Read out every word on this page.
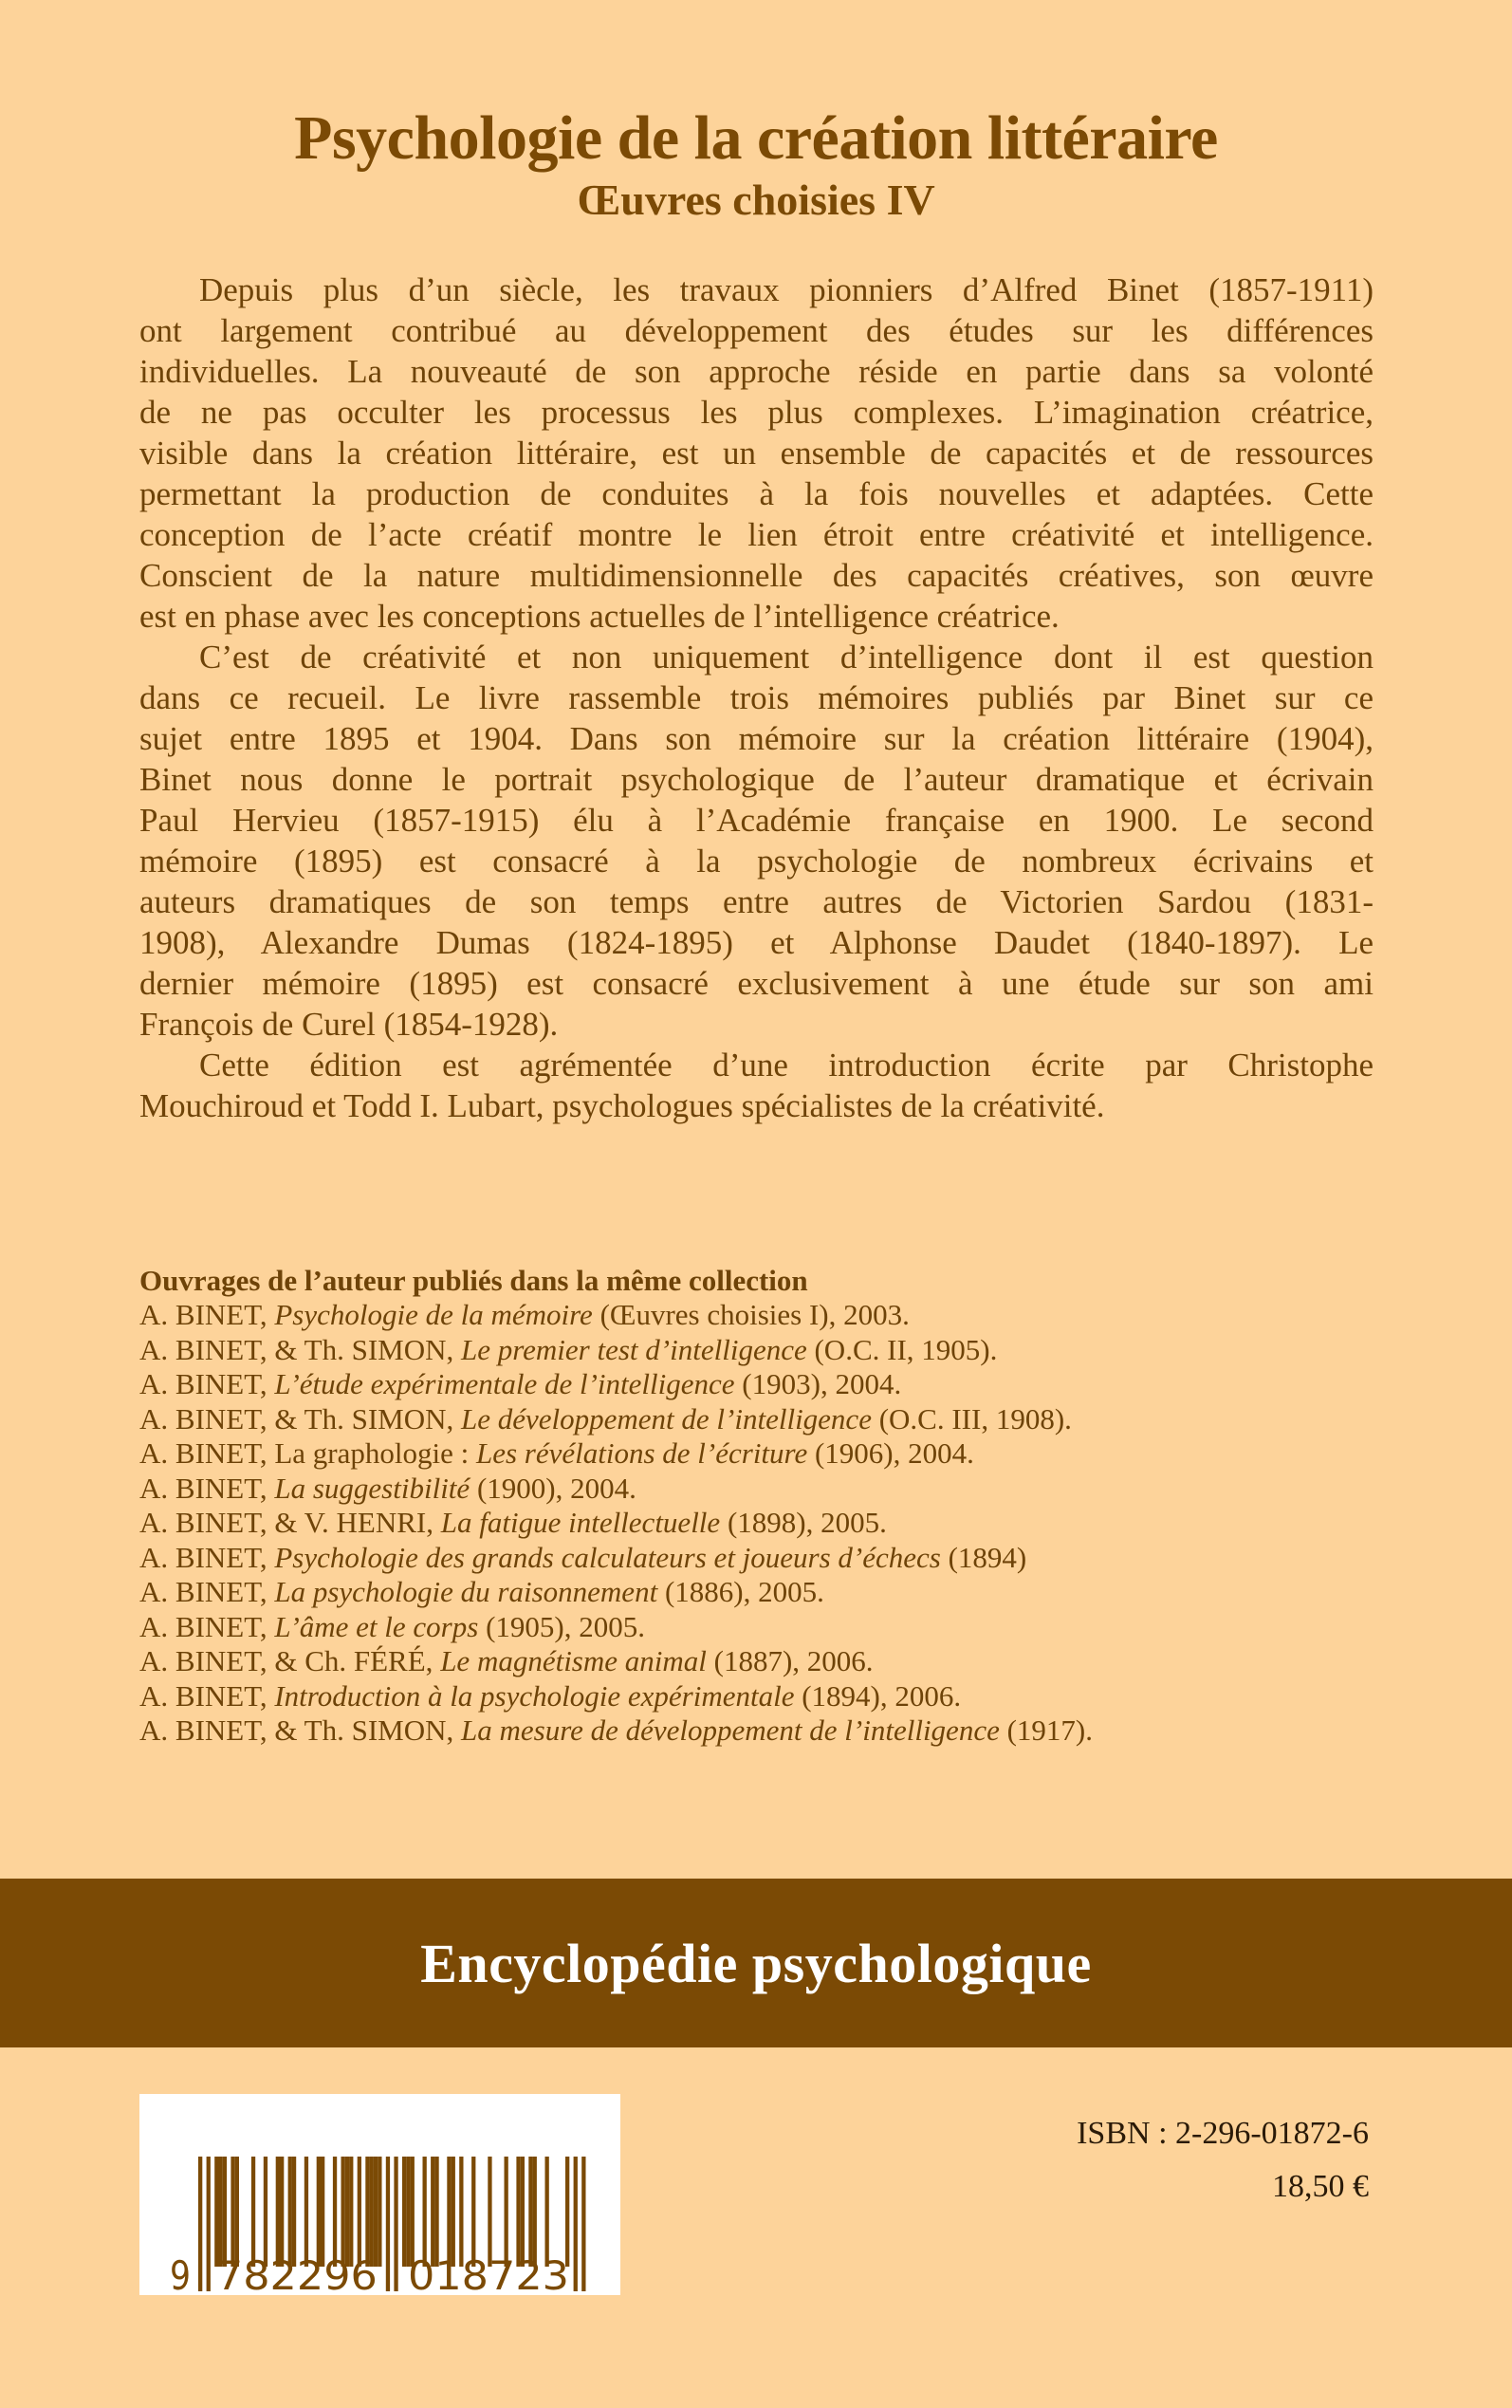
Psychologie de la création littéraire
Œuvres choisies IV
Depuis plus d’un siècle, les travaux pionniers d’Alfred Binet (1857-1911)
ont largement contribué au développement des études sur les différences
individuelles. La nouveauté de son approche réside en partie dans sa volonté
de ne pas occulter les processus les plus complexes. L’imagination créatrice,
visible dans la création littéraire, est un ensemble de capacités et de ressources
permettant la production de conduites à la fois nouvelles et adaptées. Cette
conception de l’acte créatif montre le lien étroit entre créativité et intelligence.
Conscient de la nature multidimensionnelle des capacités créatives, son œuvre
est en phase avec les conceptions actuelles de l’intelligence créatrice.
C’est de créativité et non uniquement d’intelligence dont il est question
dans ce recueil. Le livre rassemble trois mémoires publiés par Binet sur ce
sujet entre 1895 et 1904. Dans son mémoire sur la création littéraire (1904),
Binet nous donne le portrait psychologique de l’auteur dramatique et écrivain
Paul Hervieu (1857-1915) élu à l’Académie française en 1900. Le second
mémoire (1895) est consacré à la psychologie de nombreux écrivains et
auteurs dramatiques de son temps entre autres de Victorien Sardou (1831-
1908), Alexandre Dumas (1824-1895) et Alphonse Daudet (1840-1897). Le
dernier mémoire (1895) est consacré exclusivement à une étude sur son ami
François de Curel (1854-1928).
Cette édition est agrémentée d’une introduction écrite par Christophe
Mouchiroud et Todd I. Lubart, psychologues spécialistes de la créativité.
Ouvrages de l’auteur publiés dans la même collection
A. BINET, Psychologie de la mémoire (Œuvres choisies I), 2003.
A. BINET, & Th. SIMON, Le premier test d’intelligence (O.C. II, 1905).
A. BINET, L’étude expérimentale de l’intelligence (1903), 2004.
A. BINET, & Th. SIMON, Le développement de l’intelligence (O.C. III, 1908).
A. BINET, La graphologie : Les révélations de l’écriture (1906), 2004.
A. BINET, La suggestibilité (1900), 2004.
A. BINET, & V. HENRI, La fatigue intellectuelle (1898), 2005.
A. BINET, Psychologie des grands calculateurs et joueurs d’échecs (1894)
A. BINET, La psychologie du raisonnement (1886), 2005.
A. BINET, L’âme et le corps (1905), 2005.
A. BINET, & Ch. FÉRÉ, Le magnétisme animal (1887), 2006.
A. BINET, Introduction à la psychologie expérimentale (1894), 2006.
A. BINET, & Th. SIMON, La mesure de développement de l’intelligence (1917).
Encyclopédie psychologique
9 782296 018723
ISBN : 2-296-01872-6
18,50 €
